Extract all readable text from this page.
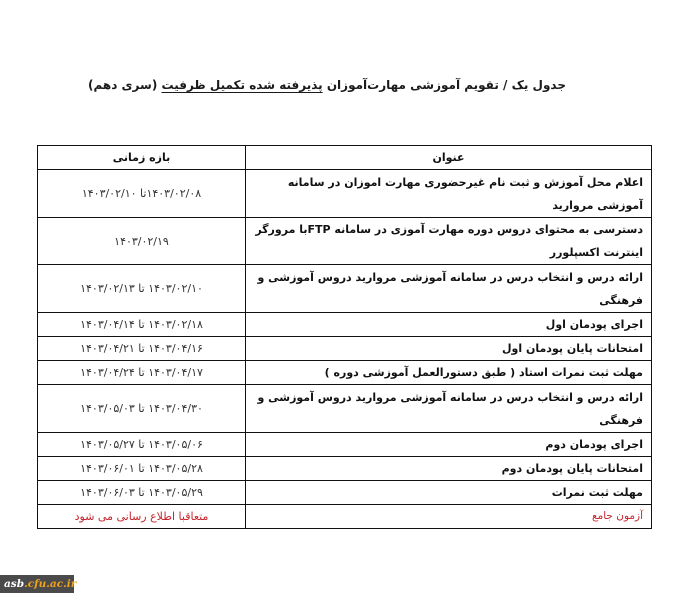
جدول یک / تقویم آموزشی مهارت‌آموزان پذیرفته شده تکمیل ظرفیت (سری دهم)
عنوان	بازه زمانی
اعلام محل آموزش و ثبت نام غیرحضوری مهارت اموزان در سامانه آموزشی مروارید	۱۴۰۳/۰۲/۰۸تا ۱۴۰۳/۰۲/۱۰
دسترسی به محتوای دروس دوره مهارت آموزی در سامانه FTPبا مرورگر اینترنت اکسپلورر	۱۴۰۳/۰۲/۱۹
ارائه درس و انتخاب درس در سامانه آموزشی مروارید دروس آموزشی و فرهنگی	۱۴۰۳/۰۲/۱۰ تا ۱۴۰۳/۰۲/۱۳
اجرای پودمان اول	۱۴۰۳/۰۲/۱۸ تا ۱۴۰۳/۰۴/۱۴
امتحانات پایان پودمان اول	۱۴۰۳/۰۴/۱۶ تا ۱۴۰۳/۰۴/۲۱
مهلت ثبت نمرات استاد ( طبق دستورالعمل آموزشی دوره )	۱۴۰۳/۰۴/۱۷ تا ۱۴۰۳/۰۴/۲۴
ارائه درس و انتخاب درس در سامانه آموزشی مروارید دروس آموزشی و فرهنگی	۱۴۰۳/۰۴/۳۰ تا ۱۴۰۳/۰۵/۰۳
اجرای پودمان دوم	۱۴۰۳/۰۵/۰۶ تا ۱۴۰۳/۰۵/۲۷
امتحانات پایان پودمان دوم	۱۴۰۳/۰۵/۲۸ تا ۱۴۰۳/۰۶/۰۱
مهلت ثبت نمرات	۱۴۰۳/۰۵/۲۹ تا ۱۴۰۳/۰۶/۰۳
آزمون جامع	متعاقبا اطلاع رسانی می شود
asb.cfu.ac.ir
